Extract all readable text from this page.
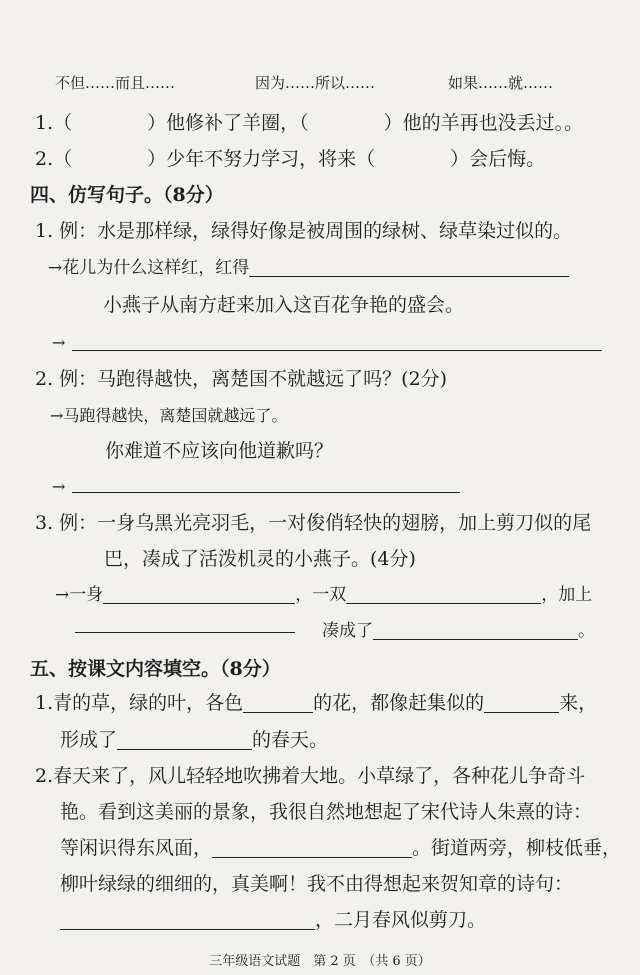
不但……而且……	因为……所以……	如果……就……
1.（	）他修补了羊圈，（	）他的羊再也没丢过。。
2.（	）少年不努力学习，将来（	）会后悔。
四、仿写句子。（8分）
1. 例：水是那样绿，绿得好像是被周围的绿树、绿草染过似的。
→花儿为什么这样红，红得
小燕子从南方赶来加入这百花争艳的盛会。
→
2. 例：马跑得越快，离楚国不就越远了吗？(2分)
→马跑得越快，离楚国就越远了。
你难道不应该向他道歉吗？
→
3. 例：一身乌黑光亮羽毛，一对俊俏轻快的翅膀，加上剪刀似的尾
巴，凑成了活泼机灵的小燕子。(4分)
→一身	，一双	，加上
凑成了	。
五、按课文内容填空。（8分）
1.青的草，绿的叶，各色	的花，都像赶集似的	来，
形成了	的春天。
2.春天来了，风儿轻轻地吹拂着大地。小草绿了，各种花儿争奇斗
艳。看到这美丽的景象，我很自然地想起了宋代诗人朱熹的诗：
等闲识得东风面，	。街道两旁，柳枝低垂，
柳叶绿绿的细细的，真美啊！我不由得想起来贺知章的诗句：
，二月春风似剪刀。
三年级语文试题　第 2 页　（共 6 页）
